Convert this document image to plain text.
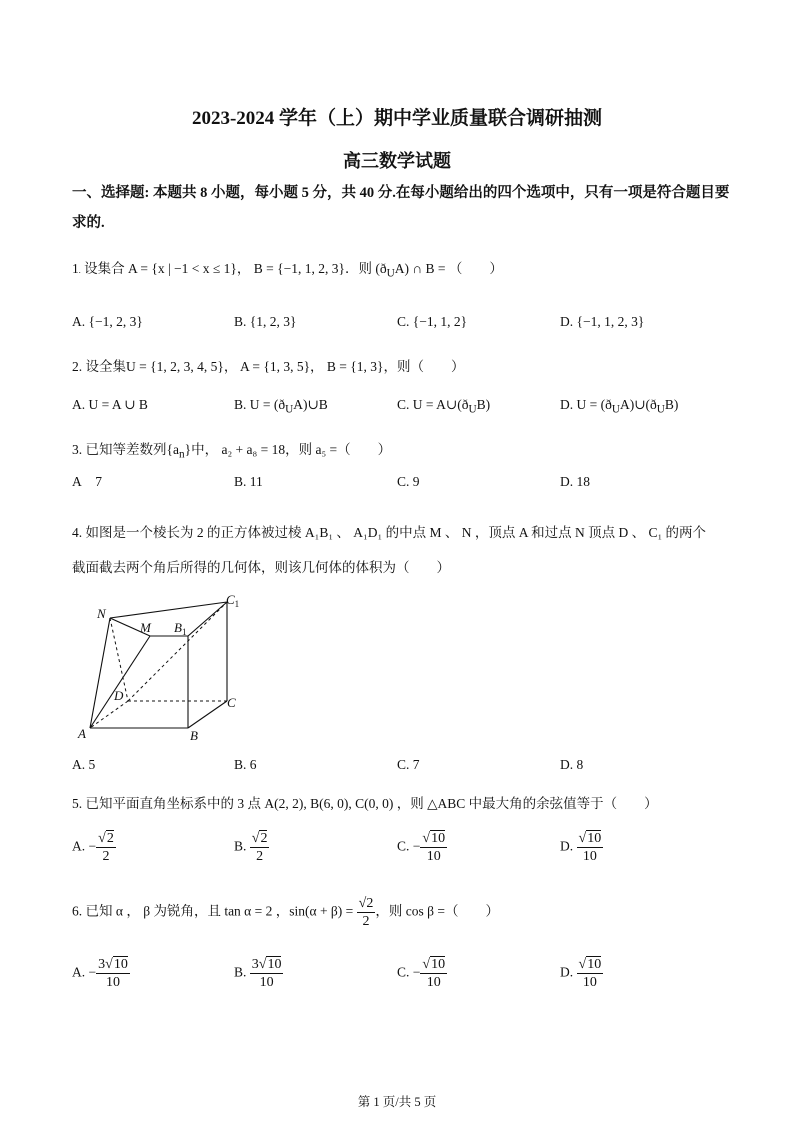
2023-2024 学年（上）期中学业质量联合调研抽测
高三数学试题
一、选择题: 本题共 8 小题，每小题 5 分，共 40 分.在每小题给出的四个选项中，只有一项是符合题目要求的.
1. 设集合 A = {x | −1 < x ≤ 1}， B = {−1, 1, 2, 3}．则 $(ð_UA)$ ∩ B = （　　）
A. {−1, 2, 3}	B. {1, 2, 3}	C. {−1, 1, 2}	D. {−1, 1, 2, 3}
2. 设全集U = {1, 2, 3, 4, 5}， A = {1, 3, 5}， B = {1, 3}，则（　　）
A. U = A ∪ B	B. $U = (ð_UA)\cup B$	C. $U = A\cup(ð_UB)$	D. $U = (ð_UA)\cup(ð_UB)$
3. 已知等差数列$\{a_n\}$中， a₂ + a₈ = 18，则 a₅ =（　　）
A 7	B. 11	C. 9	D. 18
4. 如图是一个棱长为 2 的正方体被过棱 A₁B₁ 、 A₁D₁ 的中点 M 、 N ，顶点 A 和过点 N 顶点 D 、 C₁ 的两个
截面截去两个角后所得的几何体，则该几何体的体积为（　　）
N
M $B_1$
$C_1$
D	C
A	B
A. 5	B. 6	C. 7	D. 8
5. 已知平面直角坐标系中的 3 点 A(2, 2), B(6, 0), C(0, 0) ，则 △ABC 中最大角的余弦值等于（　　）
A. − $\frac{√2}{2}$	B. $\frac{√2}{2}$	C. − $\frac{√10}{10}$	D. $\frac{√10}{10}$
6. 已知 α ， β 为锐角，且 tan α = 2 ，$\sin(\alpha + \beta) = \frac{√2}{2}$ ，则 cos β =（　　）
A. − $\frac{3√10}{10}$	B. $\frac{3√10}{10}$	C. − $\frac{√10}{10}$	D. $\frac{√10}{10}$
第 1 页/共 5 页
